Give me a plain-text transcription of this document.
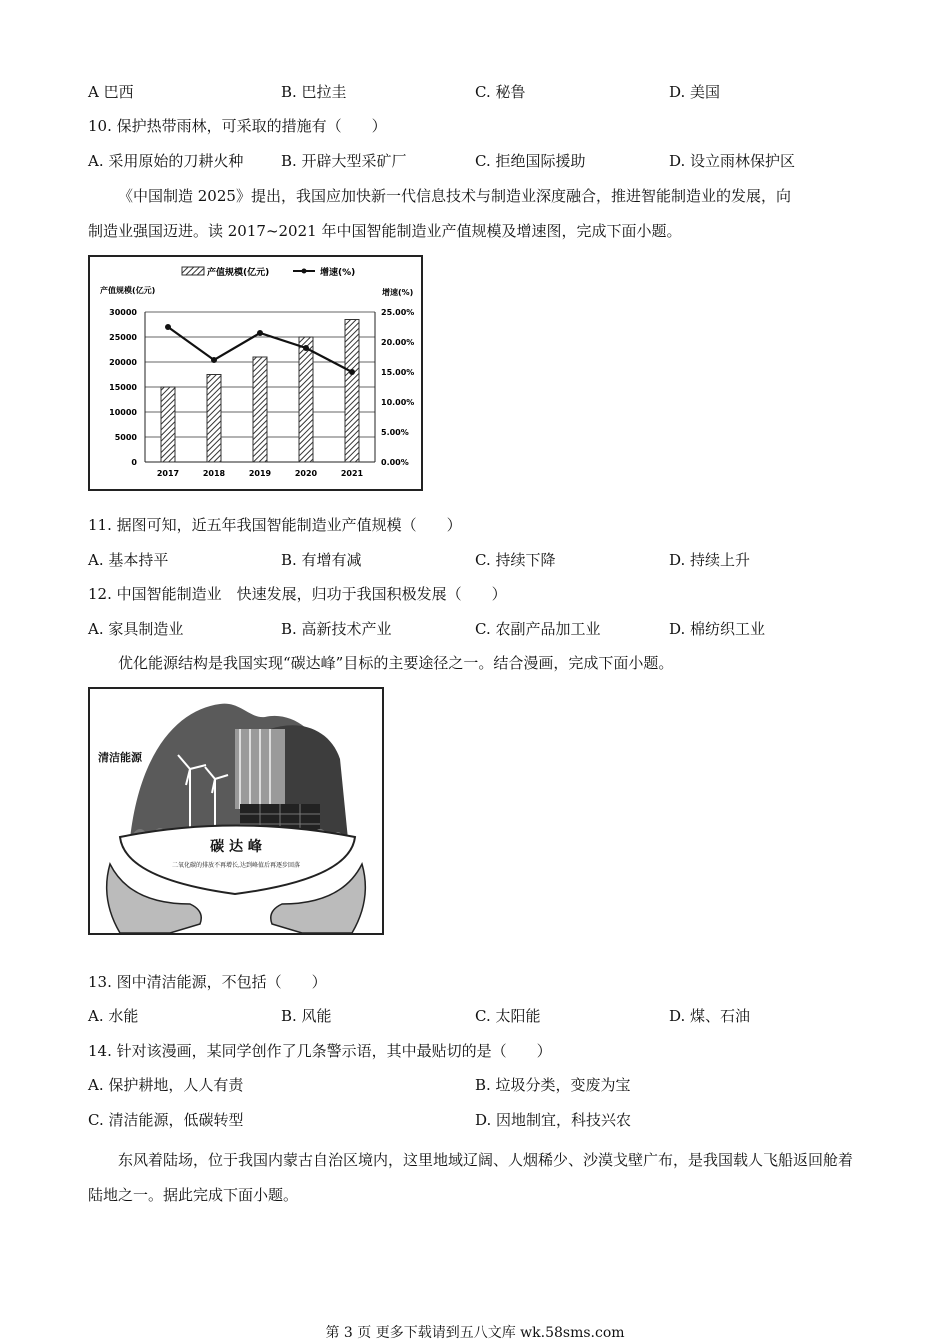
A 巴西	B. 巴拉圭	C. 秘鲁	D. 美国
10. 保护热带雨林，可采取的措施有（　　）
A. 采用原始的刀耕火种	B. 开辟大型采矿厂	C. 拒绝国际援助	D. 设立雨林保护区
《中国制造 2025》提出，我国应加快新一代信息技术与制造业深度融合，推进智能制造业的发展，向
制造业强国迈进。读 2017~2021 年中国智能制造业产值规模及增速图，完成下面小题。
产值规模(亿元)	增速(%)
产值规模(亿元)	增速(%)
30000
25000
20000
15000
10000
5000
0
25.00%
20.00%
15.00%
10.00%
5.00%
0.00%
2017	2018	2019	2020	2021
11. 据图可知，近五年我国智能制造业产值规模（　　）
A. 基本持平	B. 有增有减	C. 持续下降	D. 持续上升
12. 中国智能制造业　快速发展，归功于我国积极发展（　　）
A. 家具制造业	B. 高新技术产业	C. 农副产品加工业	D. 棉纺织工业
优化能源结构是我国实现“碳达峰”目标的主要途径之一。结合漫画，完成下面小题。
清洁能源
碳 达 峰
二氧化碳的排放不再增长,达到峰值后再逐步回落
13. 图中清洁能源，不包括（　　）
A. 水能	B. 风能	C. 太阳能	D. 煤、石油
14. 针对该漫画，某同学创作了几条警示语，其中最贴切的是（　　）
A. 保护耕地，人人有责	B. 垃圾分类，变废为宝
C. 清洁能源，低碳转型	D. 因地制宜，科技兴农
东风着陆场，位于我国内蒙古自治区境内，这里地域辽阔、人烟稀少、沙漠戈壁广布，是我国载人飞船返回舱着陆地之一。据此完成下面小题。
第 3 页 更多下载请到五八文库 wk.58sms.com
